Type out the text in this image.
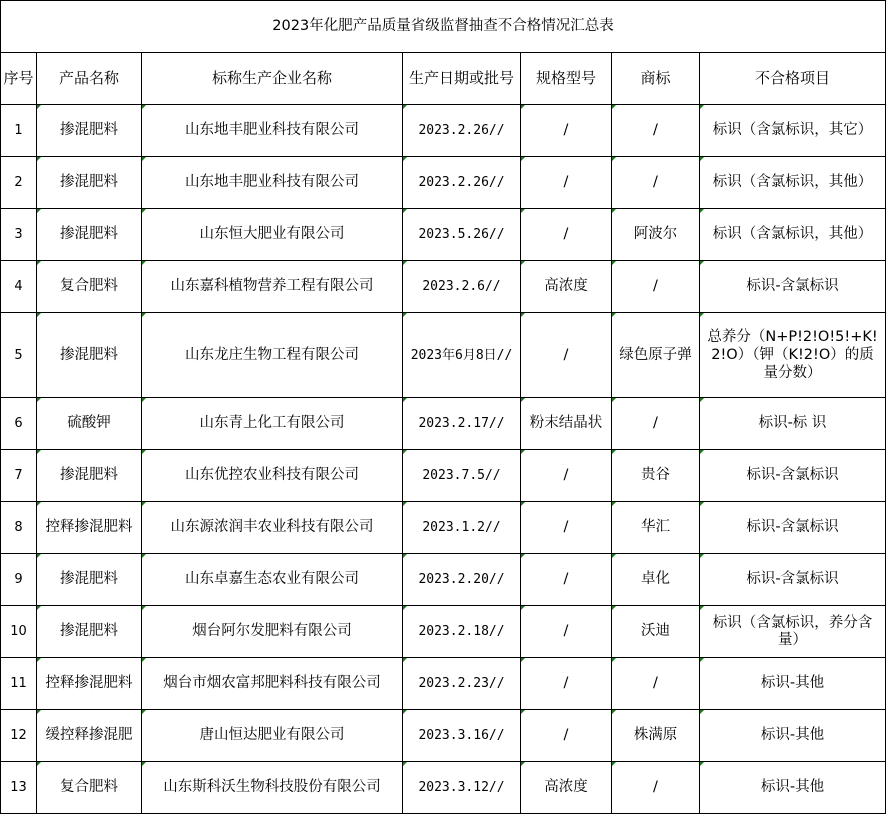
2023年化肥产品质量省级监督抽查不合格情况汇总表						
序号	产品名称	标称生产企业名称	生产日期或批号	规格型号	商标	不合格项目
1	掺混肥料	山东地丰肥业科技有限公司	2023.2.26//	/	/	标识（含氯标识，其它）
2	掺混肥料	山东地丰肥业科技有限公司	2023.2.26//	/	/	标识（含氯标识，其他）
3	掺混肥料	山东恒大肥业有限公司	2023.5.26//	/	阿波尔	标识（含氯标识，其他）
4	复合肥料	山东嘉科植物营养工程有限公司	2023.2.6//	高浓度	/	标识-含氯标识
5	掺混肥料	山东龙庄生物工程有限公司	2023年6月8日//	/	绿色原子弹	总养分（N+P!2!O!5!+K!2!O）（钾（K!2!O）的质量分数）
6	硫酸钾	山东青上化工有限公司	2023.2.17//	粉末结晶状	/	标识-标 识
7	掺混肥料	山东优控农业科技有限公司	2023.7.5//	/	贵谷	标识-含氯标识
8	控释掺混肥料	山东源浓润丰农业科技有限公司	2023.1.2//	/	华汇	标识-含氯标识
9	掺混肥料	山东卓嘉生态农业有限公司	2023.2.20//	/	卓化	标识-含氯标识
10	掺混肥料	烟台阿尔发肥料有限公司	2023.2.18//	/	沃迪	标识（含氯标识，养分含量）
11	控释掺混肥料	烟台市烟农富邦肥料科技有限公司	2023.2.23//	/	/	标识-其他
12	缓控释掺混肥	唐山恒达肥业有限公司	2023.3.16//	/	株满原	标识-其他
13	复合肥料	山东斯科沃生物科技股份有限公司	2023.3.12//	高浓度	/	标识-其他
